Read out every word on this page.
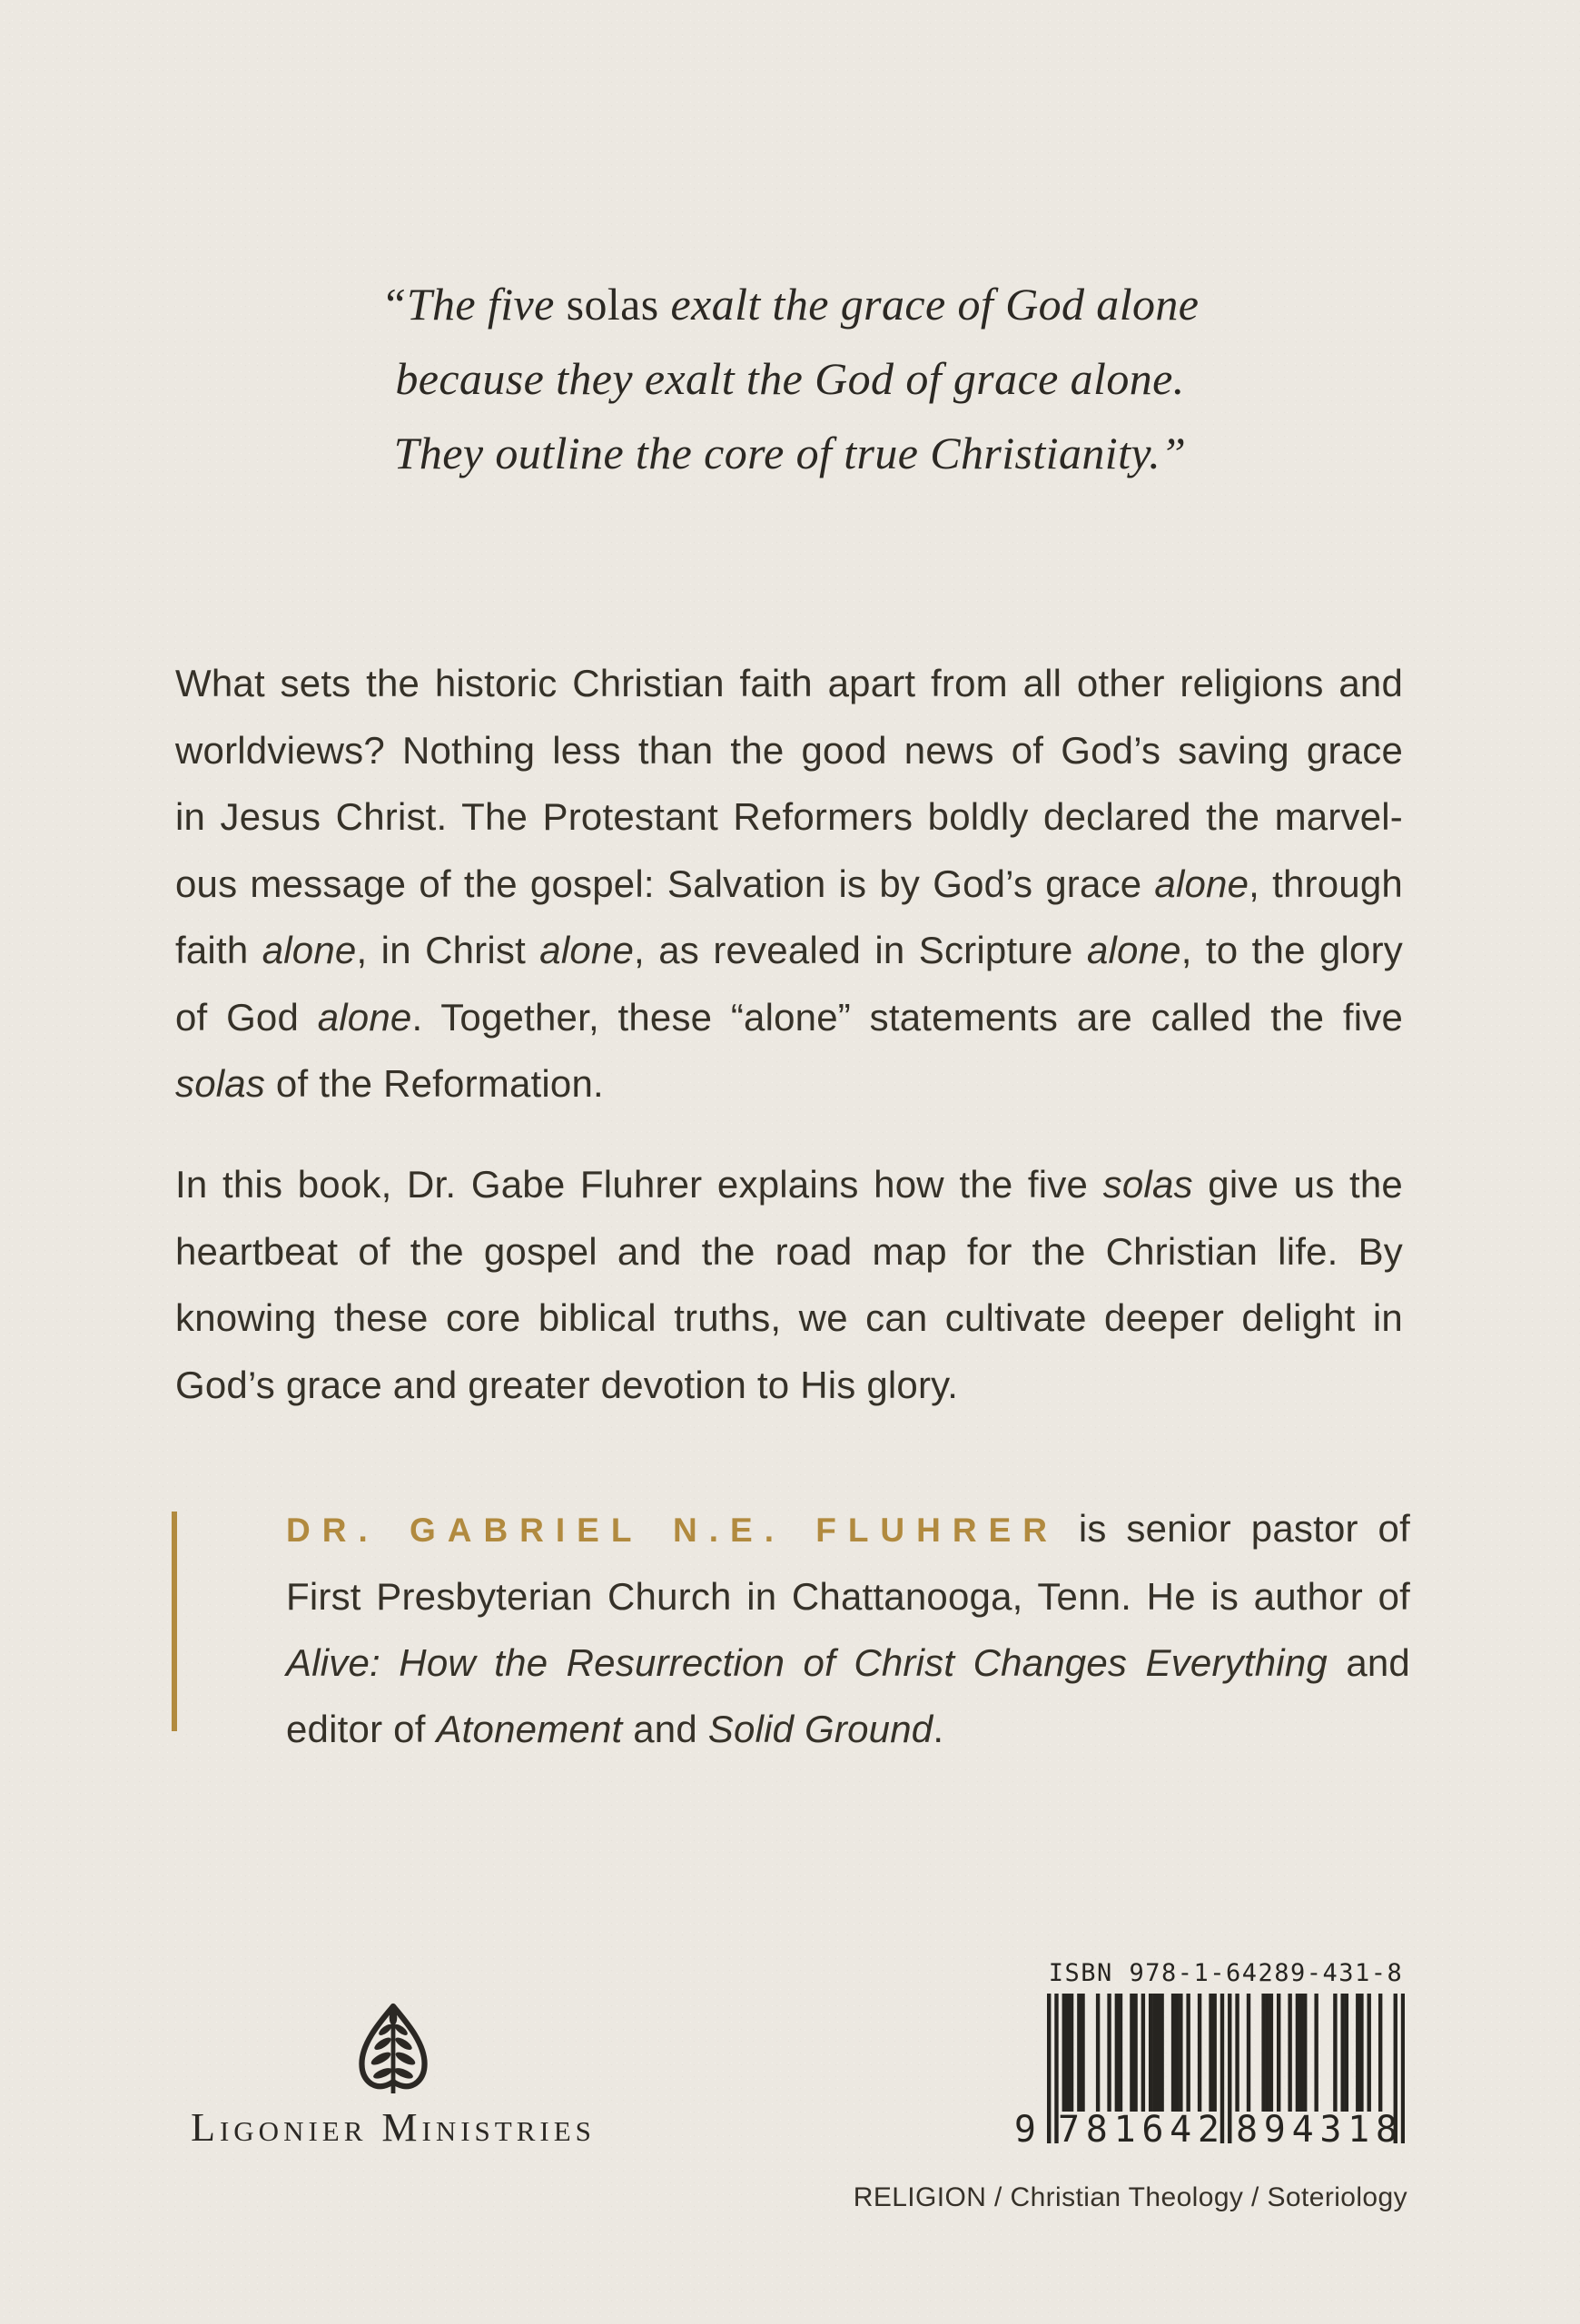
“The five solas exalt the grace of God alone
because they exalt the God of grace alone.
They outline the core of true Christianity.”
What sets the historic Christian faith apart from all other religions and
worldviews? Nothing less than the good news of God’s saving grace
in Jesus Christ. The Protestant Reformers boldly declared the marvel-
ous message of the gospel: Salvation is by God’s grace alone, through
faith alone, in Christ alone, as revealed in Scripture alone, to the glory
of God alone. Together, these “alone” statements are called the five
solas of the Reformation.
In this book, Dr. Gabe Fluhrer explains how the five solas give us the
heartbeat of the gospel and the road map for the Christian life. By
knowing these core biblical truths, we can cultivate deeper delight in
God’s grace and greater devotion to His glory.
DR. GABRIEL N.E. FLUHRER is senior pastor of
First Presbyterian Church in Chattanooga, Tenn. He is author of
Alive: How the Resurrection of Christ Changes Everything and
editor of Atonement and Solid Ground.
Ligonier Ministries
ISBN 978-1-64289-431-8
9 7 8 1 6 4 2 8 9 4 3 1 8
RELIGION / Christian Theology / Soteriology
